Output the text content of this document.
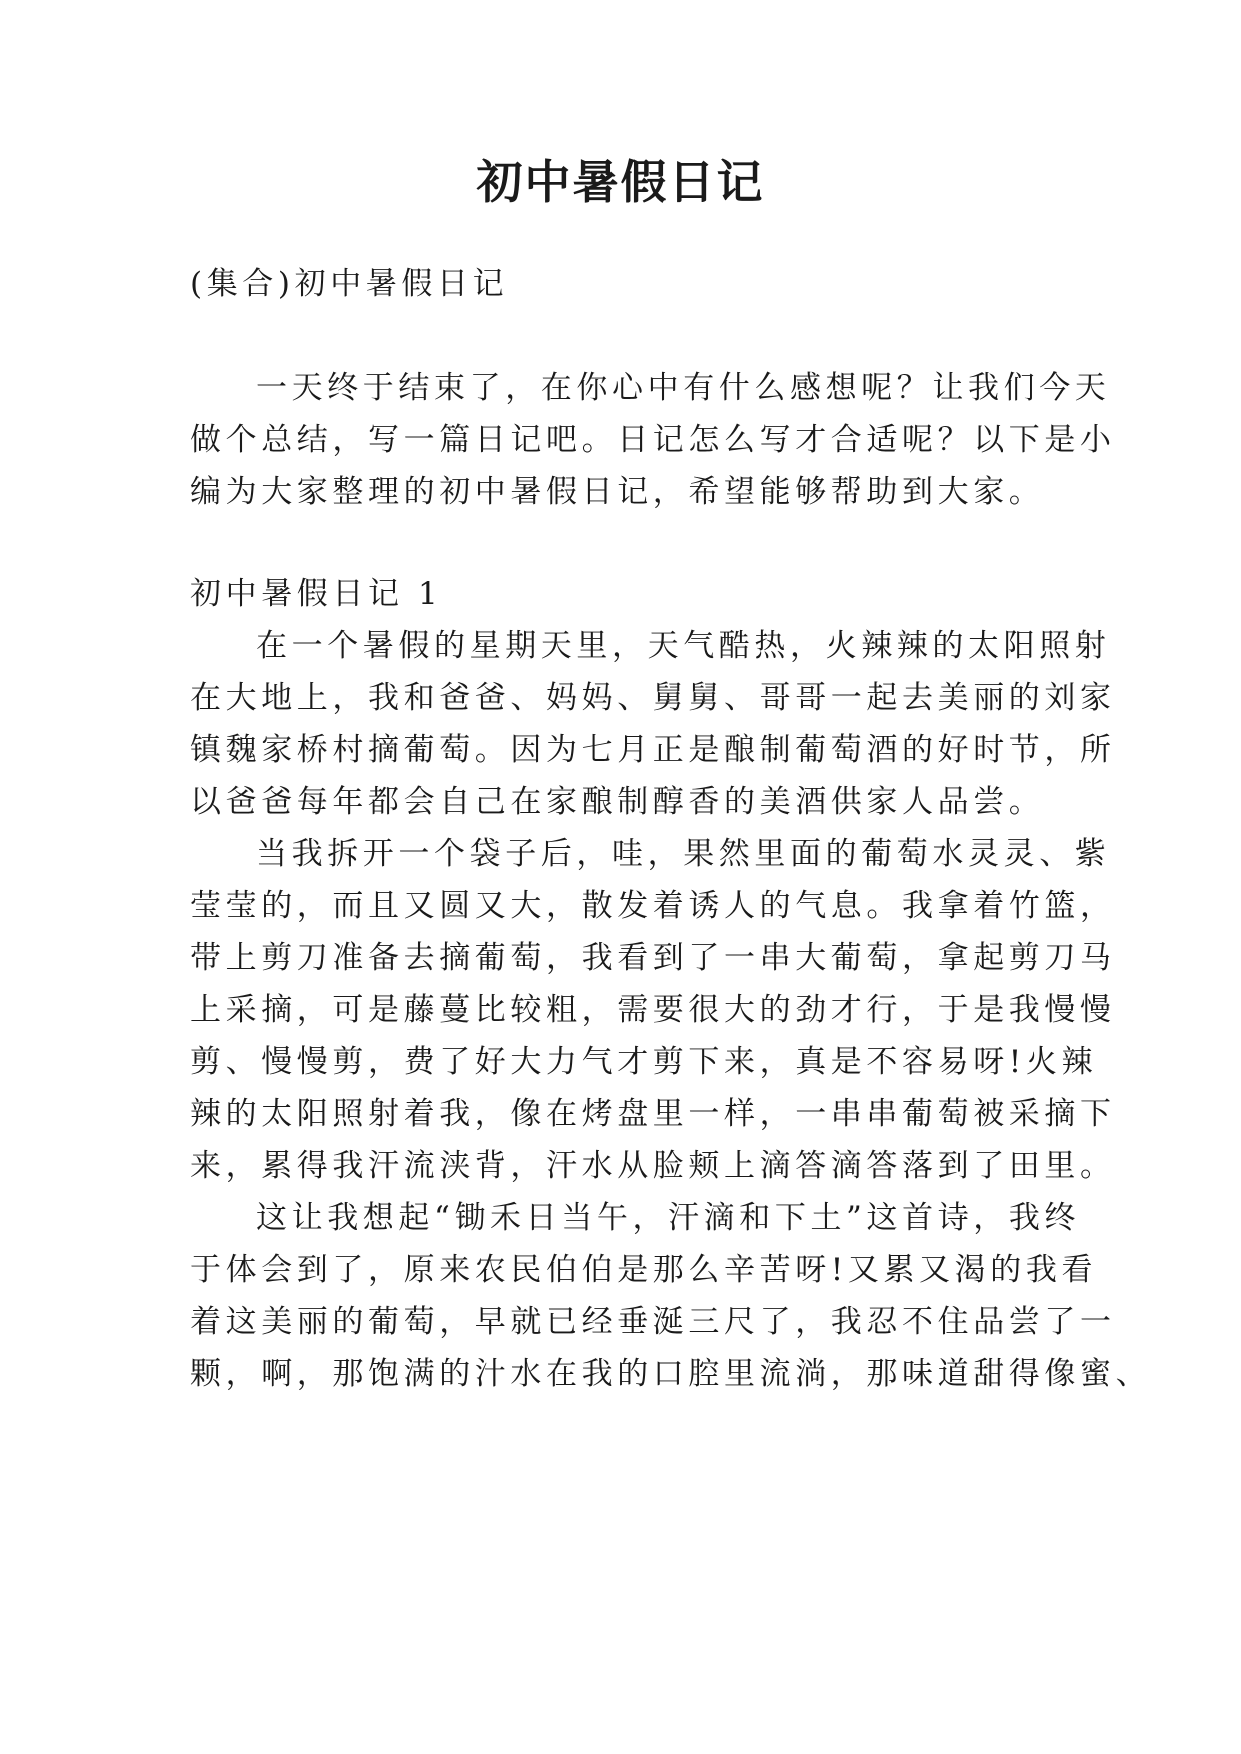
初中暑假日记
(集合)初中暑假日记
一天终于结束了，在你心中有什么感想呢？让我们今天
做个总结，写一篇日记吧。日记怎么写才合适呢？以下是小
编为大家整理的初中暑假日记，希望能够帮助到大家。
初中暑假日记 1
在一个暑假的星期天里，天气酷热，火辣辣的太阳照射
在大地上，我和爸爸、妈妈、舅舅、哥哥一起去美丽的刘家
镇魏家桥村摘葡萄。因为七月正是酿制葡萄酒的好时节，所
以爸爸每年都会自己在家酿制醇香的美酒供家人品尝。
当我拆开一个袋子后，哇，果然里面的葡萄水灵灵、紫
莹莹的，而且又圆又大，散发着诱人的气息。我拿着竹篮，
带上剪刀准备去摘葡萄，我看到了一串大葡萄，拿起剪刀马
上采摘，可是藤蔓比较粗，需要很大的劲才行，于是我慢慢
剪、慢慢剪，费了好大力气才剪下来，真是不容易呀!火辣
辣的太阳照射着我，像在烤盘里一样，一串串葡萄被采摘下
来，累得我汗流浃背，汗水从脸颊上滴答滴答落到了田里。
这让我想起“锄禾日当午，汗滴和下土”这首诗，我终
于体会到了，原来农民伯伯是那么辛苦呀!又累又渴的我看
着这美丽的葡萄，早就已经垂涎三尺了，我忍不住品尝了一
颗，啊，那饱满的汁水在我的口腔里流淌，那味道甜得像蜜、
